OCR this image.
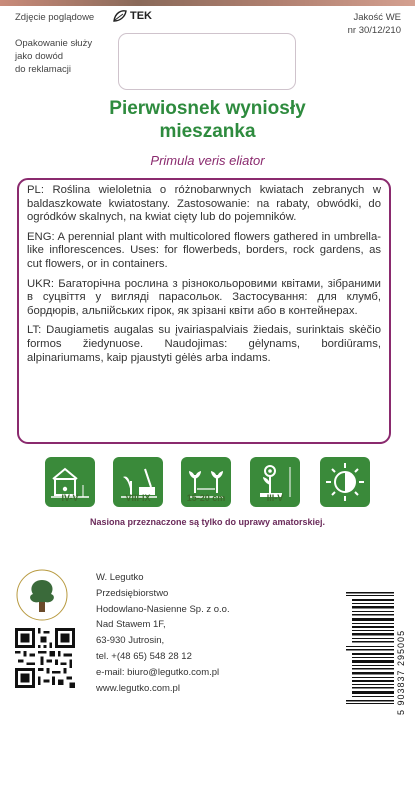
Zdjęcie poglądowe	TEK	Jakość WE
nr 30/12/210
Opakowanie służy
jako dowód
do reklamacji
Pierwiosnek wyniosły
mieszanka
Primula veris eliator

PL: Roślina wieloletnia o różnobarwnych kwiatach zebranych w baldaszkowate kwiatostany. Zastosowanie: na rabaty, obwódki, do ogródków skalnych, na kwiat cięty lub do pojemników.

ENG: A perennial plant with multicolored flowers gathered in umbrella-like inflorescences. Uses: for flowerbeds, borders, rock gardens, as cut flowers, or in containers.

UKR: Багаторічна рослина з різнокольоровими квітами, зібраними в суцвіття у вигляді парасольок. Застосування: для клумб, бордюрів, альпійських гірок, як зрізані квіти або в контейнерах.

LT: Daugiametis augalas su įvairiaspalviais žiedais, surinktais skėčio formos žiedynuose. Naudojimas: gėlynams, bordiūrams, alpinariumams, kaip pjaustyti gėlės arba indams.

IV-V	VIII-IX	15-20 cm	III-V
Nasiona przeznaczone są tylko do uprawy amatorskiej.
W. Legutko
Przedsiębiorstwo
Hodowlano-Nasienne Sp. z o.o.
Nad Stawem 1F,
63-930 Jutrosin,
tel. +(48 65) 548 28 12
e-mail: biuro@legutko.com.pl
www.legutko.com.pl	5 903837 295005
